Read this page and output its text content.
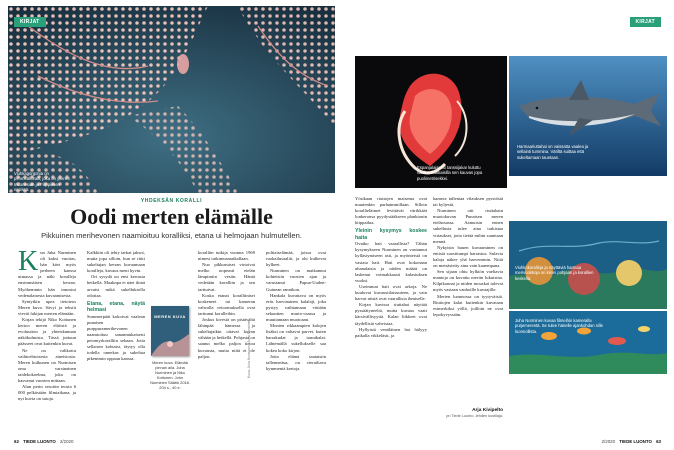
KIRJAT
Viuhkagorgonia on pehmeäkoralli, joka on yleinen Indonesian ja Filippiinien vesissä.
YHDEKSÄN KORALLI
Oodi merten elämälle
Pikkuinen merihevonen naamioituu koralliksi, etana ui helmojaan hulmutellen.

Kun Juha Narminen oli kaksi vuotias, hän kävi myös perheen kanssa uimassa ja näki koralleja ensimmäisen kerran. Myöhemmin hän innostui vedenalaisesta kuvaamisesta.

Syntyikin upea tietoteos Meren kuva. Sävyt ja tekstit vievät lukijan merten elämään.

Kirjan tekijä Niko Kottunen kertoo meren eliöistä ja evoluution ja yhteiskunnan näkökulmista. Tässä juttuun päässeet ovat kuitenkin kuvat.

Ne on valikoitu vaihtoehtoisesta aineistosta. Meren kulkunen on Nurmisen oma varsinainen taidekokoelma, joka on kasvanut vuosien mittaan.

Alun perin sesoitin teosta 6 000 pelkästään filmiaikana, ja nyt kuvia on satoja.

Kalkkiin oli tehty tarkat jaksot, mutta jopa silloin, kun se riitti sukeltajan kerran kuvaamaan koralleja, kuvaus meni hyvin.

Ori sysydä on ensi kerrasta hetkellä. Maaknpa ei näet ikinä arvaisi mikä sukelluksella odottaa.

Etana, etana, näytä helmasi

Sommerpäät kokoivat vaalean punaisen purppuramerihevonen naamioituu sananmukaisesti petomyrkoralliin sekaan. Jotta sellaisen kohtaisi, täytyy olla todella onnekas ja sukeltaa pikemmin oppaan kanssa.

MEREN KUVA
Meren kuva. Elämää pinnan alla. Juha Nurminen ja Niko Kottunen. John Nurminen Säätiö 2018. 204 s., 40 e.

koralliin tutkija vuonna 1969 nimesi tutkimusmatkallaan.

Nuo pikkuruiset virtoivat melko nopeasti etelän lämpimiin vesiin. Häntä vedetään koralliin ja sen tarttuivat.

Koska etanat koralliiniset koskeneet tai kameran vahvalla vetoomuksella ovat tarttunut koralleihin.

Joskus kivestä on pistävältä lähinpää hämeraa ja sukeltajatkin ottavat kuvan vähään ja hetkellä. Pohjasta on saanut melko paljon tietoa kuvausta, mutta niitä ei ole paljon.	Kuva: Juha Nurminen / Juha Nurminen

poltiaiselämää, joissa ovat ruokailusaaliit, ja ohi kulkevat hylkeet.

Nurminen on matkannut kohteisiin vuosien ajan ja varustanut Papua-Uuden-Guinean rannikon.

Hankala kuvattava on myös eräs harvinainen kalalaji, joka pystyy vaihtamaan väriään sekuntien murto-osassa ja muuttamaan muotoaan.

Monien rikkaampien kalojen lisäksi on valtavat parvet, kuten barrakudat ja tonnikalat. Lähtemällä sukellukselle saa kokea koko kirjon.

Jotta elämä saataisiin tallennettua, on vierailtava kymmeniä kertoja.

62 TIEDE LUONTO 2/2020
KIRJAT
Espanjalaisaksi tanssijakar kuluttu vaaleankukkaisilla sen kauvas jopa puolimetrisekkei.
Harmaariuttahai on vaissatta vaalea ja sellainti tummina. Väriltä suittaa että sukeltamaan tauetaan.
Viuhkokoralleja ja näyttäviä harmaa merivuokkoja on kiinni pohjaan ja korallien keskellä.
Juha Nurminen kuvaa filmeihin kameralla purjemerestä. Se tulee hänelle ajankohdan sille luonnollista.

Yösikaan riuttojen maisema ovat muutenkin parhaimmillaan. Silloin korallieläimet levittävät värikkäät lonkeronsa pyydystääkseen planktonin hiippailua.

Yleinin kysymys koskee haita

Ovatko hait vaarallisia? Tähän kysymykseen Nurminen on vastannut kyllästymiseen asti, ja myönteistä on vastata hait. Hait ovat kokonaan uhanalaisia ja niiden määrä on laskenut voimakkaasti kalastuksen vuoksi.

Useimmat hait ovat arkoja. Ne kuuluvat kuvaustilaisuuteen, ja vain harvat niistä ovat vaarallisia ihmiselle.

Kirjan kuvissa riuttahai näyttää pyssäätyneeltä, mutta kuvaus vaati kärsivällisyyttä. Kalan liikkeet ovat täydellisiä vahvistaa.

Hyllyistä venäläinen hai hälyyy paikalla vikkelästi, ja

kamera tallentaa vilauksen pyrstöstä tai kyljestä.

Nurminen otti riuttahain muotokuvan Punaisen meren eteläosassa. Aamuisin ennen sukellusta tulee aina tarkistaa virtaukset, jotta tietää mihin suuntaan mennä.

Nykyisin hauen kuvaaminen on entistä suosittumpi harrastus. Sulavia kaloja näkee yhä harvemmin. Niitä on metsästetty aina vain kauempana.

Sen sijaan ohiu hylkiön vaeltavia mantoja on kuvattu meriin lukuisina. Kilpikonnat ja niiden mouskat tulevat myös vastaan vanhoille kuvaajille.

Merien luonnossa on tyytyväisiä. Riuttojen kalat kuitenkin kuvataan esimerkiksi yöllä, joilloin ne ovat lepokyvyssään.

Arja Kivipelto
pn Tiede Luonto -lehden kustilaja.
2/2020 TIEDE LUONTO 63
